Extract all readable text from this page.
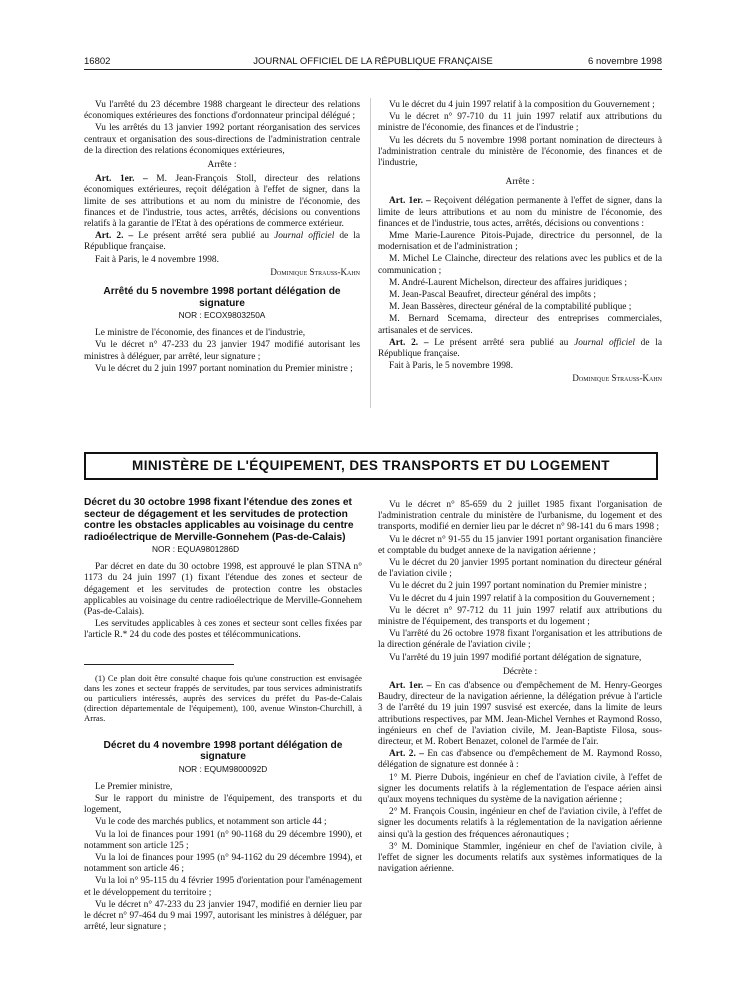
16802	JOURNAL OFFICIEL DE LA RÉPUBLIQUE FRANÇAISE	6 novembre 1998

Vu l'arrêté du 23 décembre 1988 chargeant le directeur des relations économiques extérieures des fonctions d'ordonnateur principal délégué ;

Vu les arrêtés du 13 janvier 1992 portant réorganisation des services centraux et organisation des sous-directions de l'administration centrale de la direction des relations économiques extérieures,

Arrête :

Art. 1er. – M. Jean-François Stoll, directeur des relations économiques extérieures, reçoit délégation à l'effet de signer, dans la limite de ses attributions et au nom du ministre de l'économie, des finances et de l'industrie, tous actes, arrêtés, décisions ou conventions relatifs à la garantie de l'Etat à des opérations de commerce extérieur.

Art. 2. – Le présent arrêté sera publié au Journal officiel de la République française.

Fait à Paris, le 4 novembre 1998.

Dominique Strauss-Kahn

Arrêté du 5 novembre 1998 portant délégation de signature

NOR : ECOX9803250A

Le ministre de l'économie, des finances et de l'industrie,

Vu le décret n° 47-233 du 23 janvier 1947 modifié autorisant les ministres à déléguer, par arrêté, leur signature ;

Vu le décret du 2 juin 1997 portant nomination du Premier ministre ;

Vu le décret du 4 juin 1997 relatif à la composition du Gouvernement ;

Vu le décret n° 97-710 du 11 juin 1997 relatif aux attributions du ministre de l'économie, des finances et de l'industrie ;

Vu les décrets du 5 novembre 1998 portant nomination de directeurs à l'administration centrale du ministère de l'économie, des finances et de l'industrie,

Arrête :

Art. 1er. – Reçoivent délégation permanente à l'effet de signer, dans la limite de leurs attributions et au nom du ministre de l'économie, des finances et de l'industrie, tous actes, arrêtés, décisions ou conventions :

Mme Marie-Laurence Pitois-Pujade, directrice du personnel, de la modernisation et de l'administration ;

M. Michel Le Clainche, directeur des relations avec les publics et de la communication ;

M. André-Laurent Michelson, directeur des affaires juridiques ;

M. Jean-Pascal Beaufret, directeur général des impôts ;

M. Jean Bassères, directeur général de la comptabilité publique ;

M. Bernard Scemama, directeur des entreprises commerciales, artisanales et de services.

Art. 2. – Le présent arrêté sera publié au Journal officiel de la République française.

Fait à Paris, le 5 novembre 1998.

Dominique Strauss-Kahn

MINISTÈRE DE L'ÉQUIPEMENT, DES TRANSPORTS ET DU LOGEMENT

Décret du 30 octobre 1998 fixant l'étendue des zones et secteur de dégagement et les servitudes de protection contre les obstacles applicables au voisinage du centre radioélectrique de Merville-Gonnehem (Pas-de-Calais)

NOR : EQUA9801286D

Par décret en date du 30 octobre 1998, est approuvé le plan STNA n° 1173 du 24 juin 1997 (1) fixant l'étendue des zones et secteur de dégagement et les servitudes de protection contre les obstacles applicables au voisinage du centre radioélectrique de Merville-Gonnehem (Pas-de-Calais).

Les servitudes applicables à ces zones et secteur sont celles fixées par l'article R.* 24 du code des postes et télécommunications.

(1) Ce plan doit être consulté chaque fois qu'une construction est envisagée dans les zones et secteur frappés de servitudes, par tous services administratifs ou particuliers intéressés, auprès des services du préfet du Pas-de-Calais (direction départementale de l'équipement), 100, avenue Winston-Churchill, à Arras.

Décret du 4 novembre 1998 portant délégation de signature

NOR : EQUM9800092D

Le Premier ministre,

Sur le rapport du ministre de l'équipement, des transports et du logement,

Vu le code des marchés publics, et notamment son article 44 ;

Vu la loi de finances pour 1991 (n° 90-1168 du 29 décembre 1990), et notamment son article 125 ;

Vu la loi de finances pour 1995 (n° 94-1162 du 29 décembre 1994), et notamment son article 46 ;

Vu la loi n° 95-115 du 4 février 1995 d'orientation pour l'aménagement et le développement du territoire ;

Vu le décret n° 47-233 du 23 janvier 1947, modifié en dernier lieu par le décret n° 97-464 du 9 mai 1997, autorisant les ministres à déléguer, par arrêté, leur signature ;

Vu le décret n° 85-659 du 2 juillet 1985 fixant l'organisation de l'administration centrale du ministère de l'urbanisme, du logement et des transports, modifié en dernier lieu par le décret n° 98-141 du 6 mars 1998 ;

Vu le décret n° 91-55 du 15 janvier 1991 portant organisation financière et comptable du budget annexe de la navigation aérienne ;

Vu le décret du 20 janvier 1995 portant nomination du directeur général de l'aviation civile ;

Vu le décret du 2 juin 1997 portant nomination du Premier ministre ;

Vu le décret du 4 juin 1997 relatif à la composition du Gouvernement ;

Vu le décret n° 97-712 du 11 juin 1997 relatif aux attributions du ministre de l'équipement, des transports et du logement ;

Vu l'arrêté du 26 octobre 1978 fixant l'organisation et les attributions de la direction générale de l'aviation civile ;

Vu l'arrêté du 19 juin 1997 modifié portant délégation de signature,

Décrète :

Art. 1er. – En cas d'absence ou d'empêchement de M. Henry-Georges Baudry, directeur de la navigation aérienne, la délégation prévue à l'article 3 de l'arrêté du 19 juin 1997 susvisé est exercée, dans la limite de leurs attributions respectives, par MM. Jean-Michel Vernhes et Raymond Rosso, ingénieurs en chef de l'aviation civile, M. Jean-Baptiste Filosa, sous-directeur, et M. Robert Benazet, colonel de l'armée de l'air.

Art. 2. – En cas d'absence ou d'empêchement de M. Raymond Rosso, délégation de signature est donnée à :

1° M. Pierre Dubois, ingénieur en chef de l'aviation civile, à l'effet de signer les documents relatifs à la réglementation de l'espace aérien ainsi qu'aux moyens techniques du système de la navigation aérienne ;

2° M. François Cousin, ingénieur en chef de l'aviation civile, à l'effet de signer les documents relatifs à la réglementation de la navigation aérienne ainsi qu'à la gestion des fréquences aéronautiques ;

3° M. Dominique Stammler, ingénieur en chef de l'aviation civile, à l'effet de signer les documents relatifs aux systèmes informatiques de la navigation aérienne.
